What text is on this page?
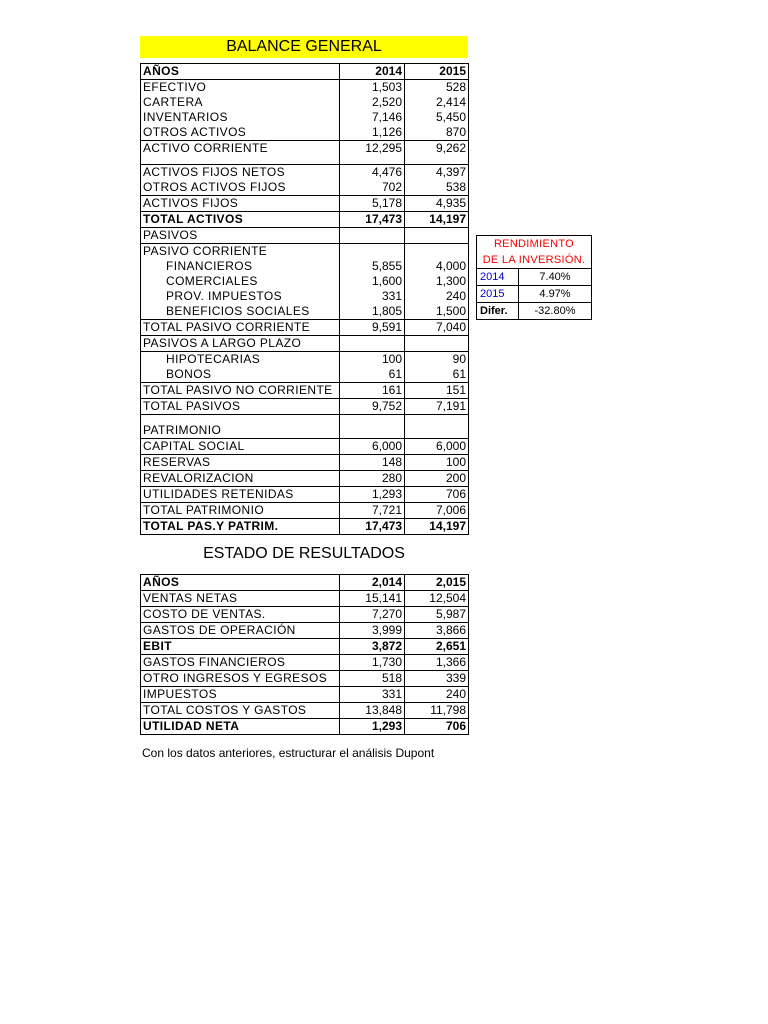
BALANCE GENERAL
AÑOS	2014	2015
EFECTIVO	1,503	528
CARTERA	2,520	2,414
INVENTARIOS	7,146	5,450
OTROS ACTIVOS	1,126	870
ACTIVO CORRIENTE	12,295	9,262

ACTIVOS FIJOS NETOS	4,476	4,397
OTROS ACTIVOS FIJOS	702	538
ACTIVOS FIJOS	5,178	4,935
TOTAL ACTIVOS	17,473	14,197
PASIVOS		
PASIVO CORRIENTE		
FINANCIEROS	5,855	4,000
COMERCIALES	1,600	1,300
PROV. IMPUESTOS	331	240
BENEFICIOS SOCIALES	1,805	1,500
TOTAL PASIVO CORRIENTE	9,591	7,040
PASIVOS A LARGO PLAZO		
HIPOTECARIAS	100	90
BONOS	61	61
TOTAL PASIVO NO CORRIENTE	161	151
TOTAL PASIVOS	9,752	7,191

PATRIMONIO		
CAPITAL SOCIAL	6,000	6,000
RESERVAS	148	100
REVALORIZACION	280	200
UTILIDADES RETENIDAS	1,293	706
TOTAL PATRIMONIO	7,721	7,006
TOTAL PAS.Y PATRIM.	17,473	14,197
ESTADO DE RESULTADOS
AÑOS	2,014	2,015
VENTAS NETAS	15,141	12,504
COSTO DE VENTAS.	7,270	5,987
GASTOS DE OPERACIÓN	3,999	3,866
EBIT	3,872	2,651
GASTOS FINANCIEROS	1,730	1,366
OTRO INGRESOS Y EGRESOS	518	339
IMPUESTOS	331	240
TOTAL COSTOS Y GASTOS	13,848	11,798
UTILIDAD NETA	1,293	706
Con los datos anteriores, estructurar el análisis Dupont
RENDIMIENTO
DE LA INVERSIÓN.
2014	7.40%
2015	4.97%
Difer.	-32.80%
